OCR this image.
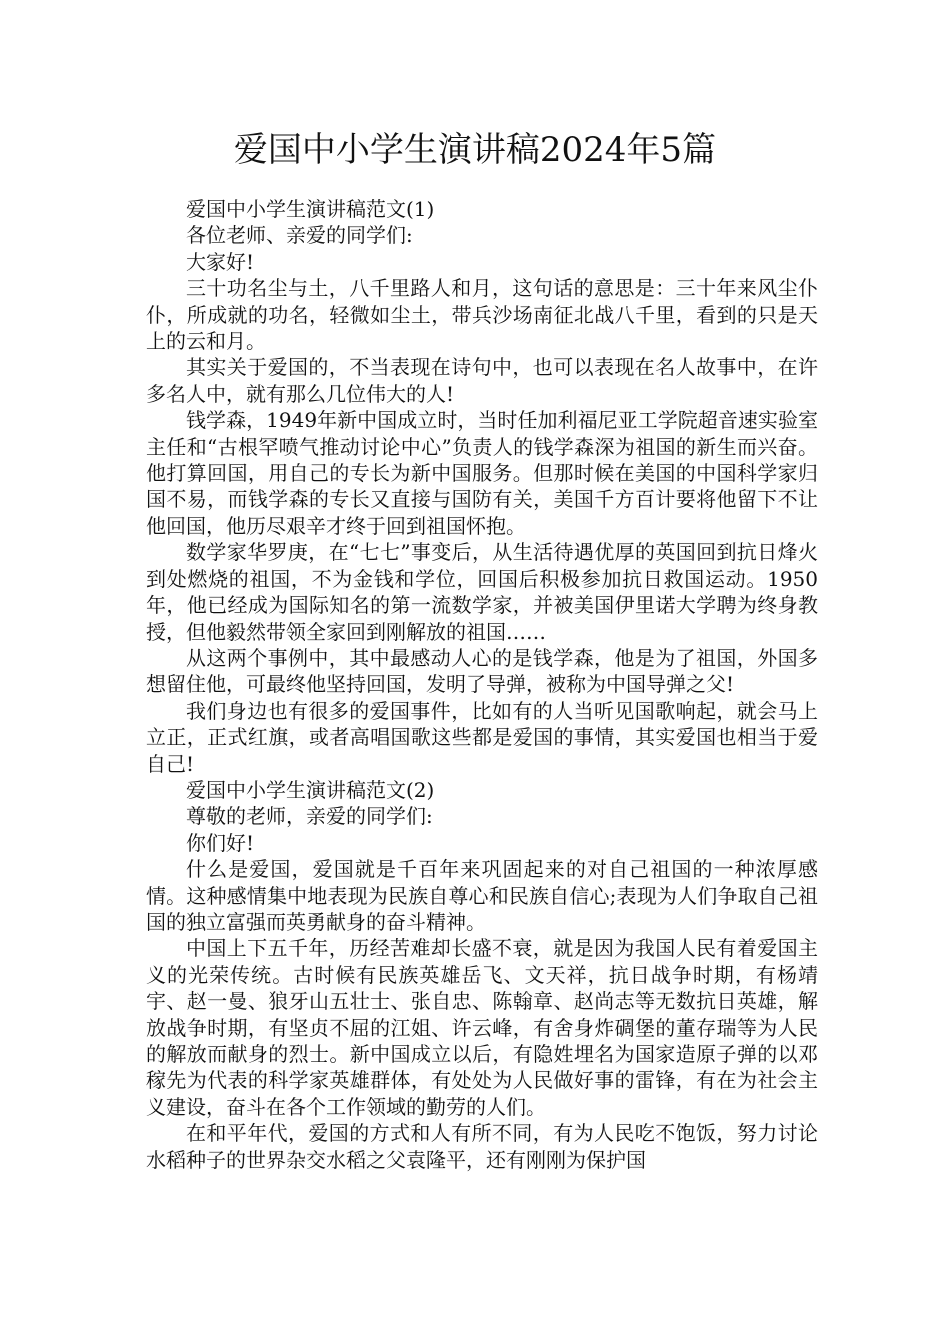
爱国中小学生演讲稿2024年5篇

爱国中小学生演讲稿范文(1)

各位老师、亲爱的同学们:

大家好!

三十功名尘与土，八千里路人和月，这句话的意思是：三十年来风尘仆仆，所成就的功名，轻微如尘土，带兵沙场南征北战八千里，看到的只是天上的云和月。

其实关于爱国的，不当表现在诗句中，也可以表现在名人故事中，在许多名人中，就有那么几位伟大的人!

钱学森，1949年新中国成立时，当时任加利福尼亚工学院超音速实验室主任和“古根罕喷气推动讨论中心”负责人的钱学森深为祖国的新生而兴奋。他打算回国，用自己的专长为新中国服务。但那时候在美国的中国科学家归国不易，而钱学森的专长又直接与国防有关，美国千方百计要将他留下不让他回国，他历尽艰辛才终于回到祖国怀抱。

数学家华罗庚，在“七七”事变后，从生活待遇优厚的英国回到抗日烽火到处燃烧的祖国，不为金钱和学位，回国后积极参加抗日救国运动。1950年，他已经成为国际知名的第一流数学家，并被美国伊里诺大学聘为终身教授，但他毅然带领全家回到刚解放的祖国……

从这两个事例中，其中最感动人心的是钱学森，他是为了祖国，外国多想留住他，可最终他坚持回国，发明了导弹，被称为中国导弹之父!

我们身边也有很多的爱国事件，比如有的人当听见国歌响起，就会马上立正，正式红旗，或者高唱国歌这些都是爱国的事情，其实爱国也相当于爱自己!

爱国中小学生演讲稿范文(2)

尊敬的老师，亲爱的同学们:

你们好!

什么是爱国，爱国就是千百年来巩固起来的对自己祖国的一种浓厚感情。这种感情集中地表现为民族自尊心和民族自信心;表现为人们争取自己祖国的独立富强而英勇献身的奋斗精神。

中国上下五千年，历经苦难却长盛不衰，就是因为我国人民有着爱国主义的光荣传统。古时候有民族英雄岳飞、文天祥，抗日战争时期，有杨靖宇、赵一曼、狼牙山五壮士、张自忠、陈翰章、赵尚志等无数抗日英雄，解放战争时期，有坚贞不屈的江姐、许云峰，有舍身炸碉堡的董存瑞等为人民的解放而献身的烈士。新中国成立以后，有隐姓埋名为国家造原子弹的以邓稼先为代表的科学家英雄群体，有处处为人民做好事的雷锋，有在为社会主义建设，奋斗在各个工作领域的勤劳的人们。

在和平年代，爱国的方式和人有所不同，有为人民吃不饱饭，努力讨论水稻种子的世界杂交水稻之父袁隆平，还有刚刚为保护国
